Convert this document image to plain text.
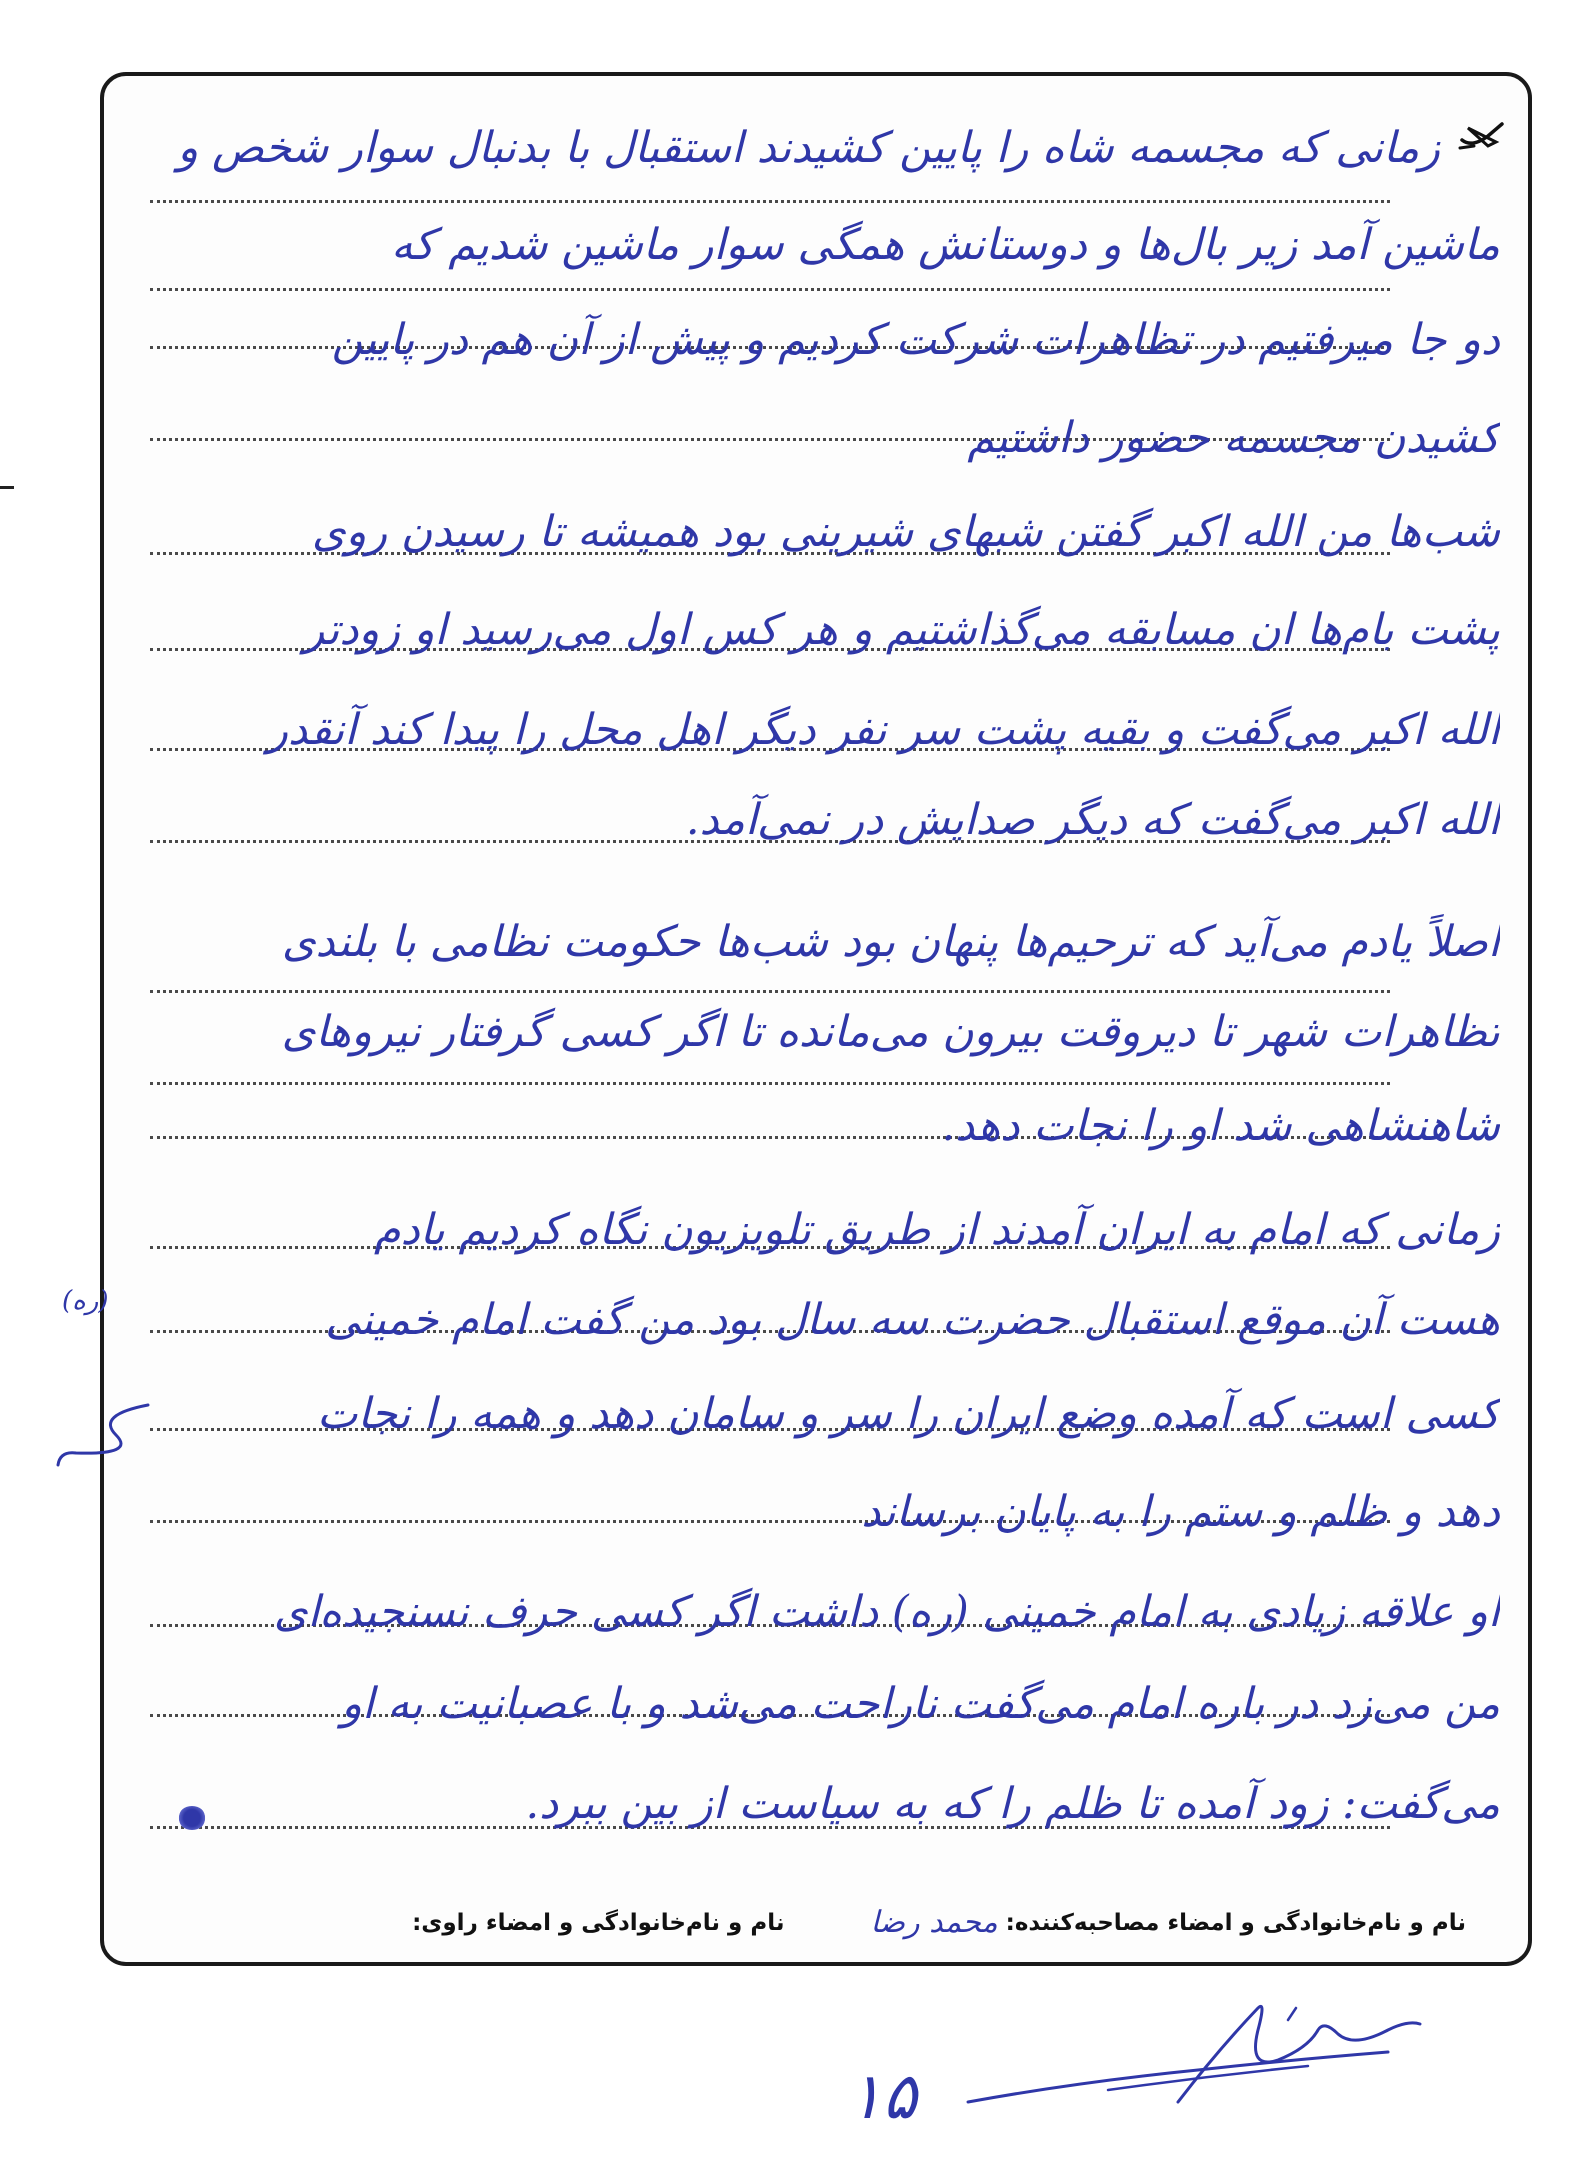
زمانی که مجسمه شاه را پایین کشیدند استقبال با بدنبال سوار شخص و
ماشین آمد زیر بال‌ها و دوستانش همگی سوار ماشین شدیم که
دو جا میرفتیم در تظاهرات شرکت کردیم و پیش از آن هم در پایین
کشیدن مجسمه حضور داشتیم
شب‌ها من الله اکبر گفتن شبهای شیرینی بود همیشه تا رسیدن روی
پشت بام‌ها ان مسابقه می‌گذاشتیم و هر کس اول می‌رسید او زودتر
الله اکبر می‌گفت و بقیه پشت سر نفر دیگر اهل محل را پیدا کند آنقدر
الله اکبر می‌گفت که دیگر صدایش در نمی‌آمد.
اصلاً یادم می‌آید که ترحیم‌ها پنهان بود شب‌ها حکومت نظامی با بلندی
تظاهرات شهر تا دیروقت بیرون می‌مانده تا اگر کسی گرفتار نیروهای
شاهنشاهی شد او را نجات دهد.
زمانی که امام به ایران آمدند از طریق تلویزیون نگاه کردیم یادم
هست آن موقع استقبال حضرت سه سال بود من گفت امام خمینی
کسی است که آمده وضع ایران را سر و سامان دهد و همه را نجات
دهد و ظلم و ستم را به پایان برساند
او علاقه زیادی به امام خمینی (ره) داشت اگر کسی حرف نسنجیده‌ای
من می‌زد در باره امام می‌گفت ناراحت می‌شد و با عصبانیت به او
می‌گفت: زود آمده تا ظلم را که به سیاست از بین ببرد.
(ره)
نام و نام‌خانوادگی و امضاء مصاحبه‌کننده:
محمد رضا
نام و نام‌خانوادگی و امضاء راوی:
۱۵
